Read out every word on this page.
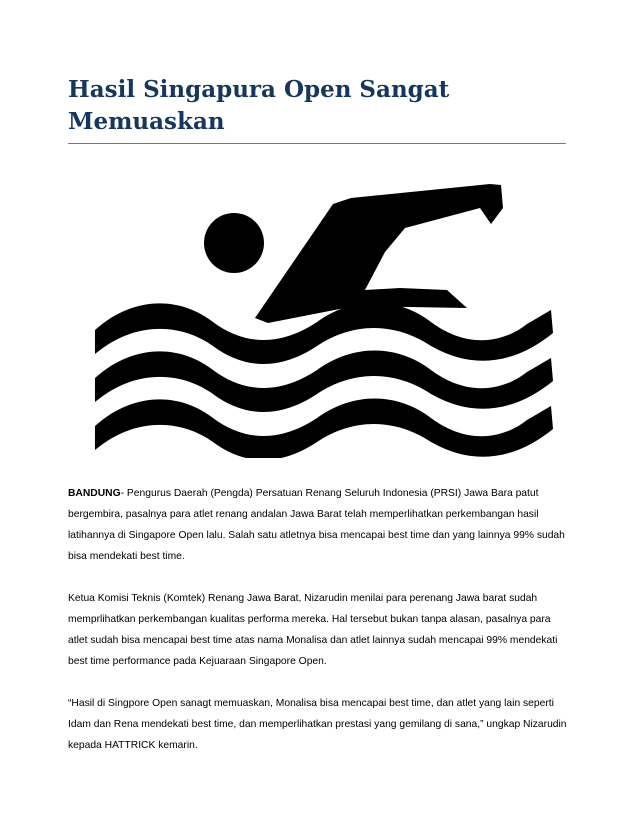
Hasil Singapura Open Sangat
Memuaskan

BANDUNG- Pengurus Daerah (Pengda) Persatuan Renang Seluruh Indonesia (PRSI) Jawa Bara patut bergembira, pasalnya para atlet renang andalan Jawa Barat telah memperlihatkan perkembangan hasil latihannya di Singapore Open lalu. Salah satu atletnya bisa mencapai best time dan yang lainnya 99% sudah bisa mendekati best time.

Ketua Komisi Teknis (Komtek) Renang Jawa Barat, Nizarudin menilai para perenang Jawa barat sudah memprlihatkan perkembangan kualitas performa mereka. Hal tersebut bukan tanpa alasan, pasalnya para atlet sudah bisa mencapai best time atas nama Monalisa dan atlet lainnya sudah mencapai 99% mendekati best time performance pada Kejuaraan Singapore Open.

“Hasil di Singpore Open sanagt memuaskan, Monalisa bisa mencapai best time, dan atlet yang lain seperti Idam dan Rena mendekati best time, dan memperlihatkan prestasi yang gemilang di sana,” ungkap Nizarudin kepada HATTRICK kemarin.
